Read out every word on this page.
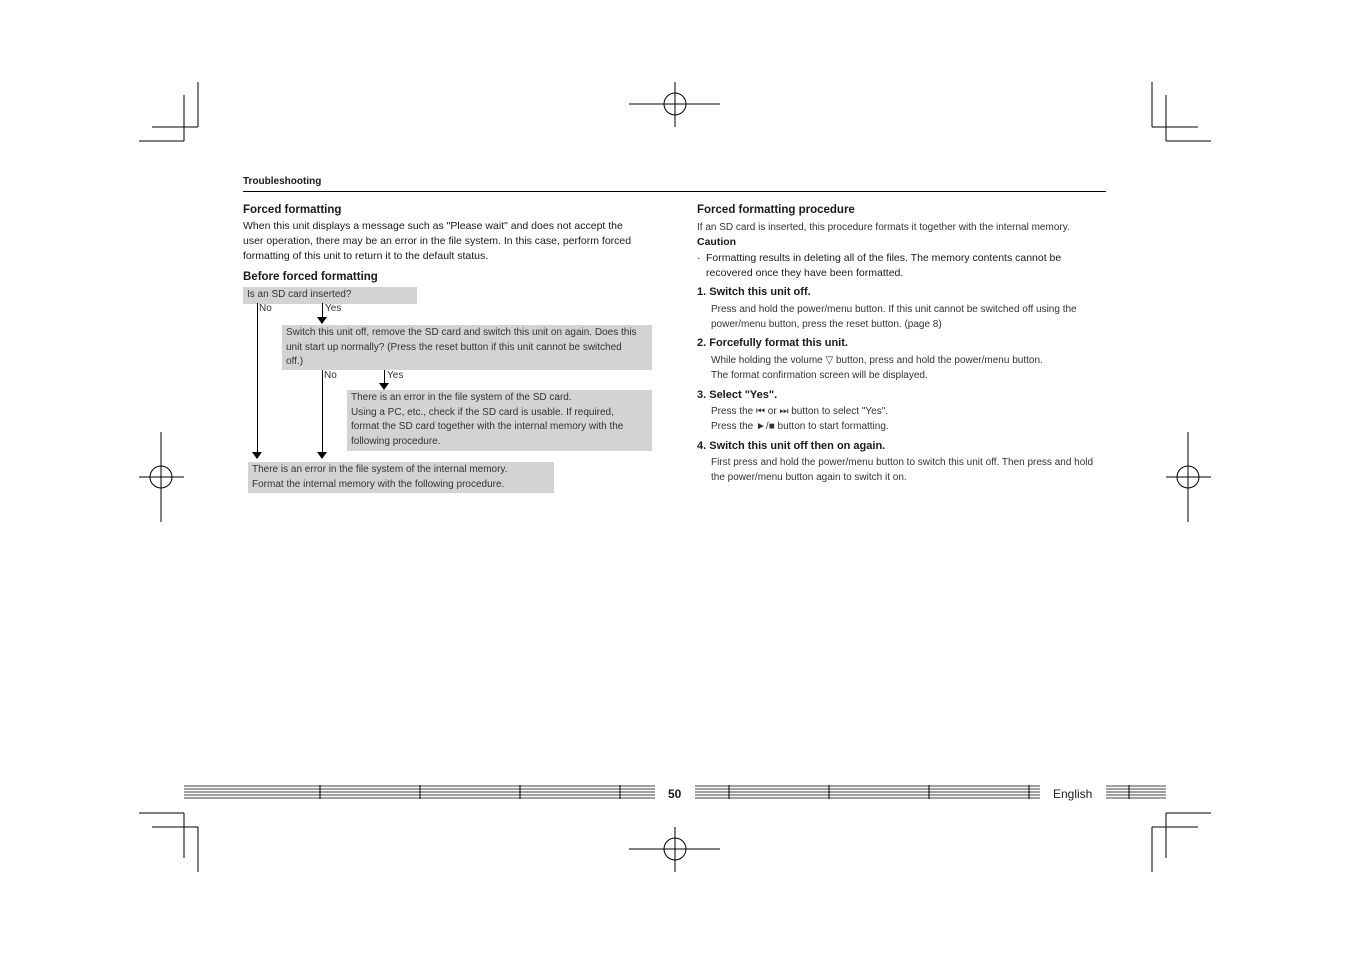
Troubleshooting
Forced formatting
When this unit displays a message such as "Please wait" and does not accept the
user operation, there may be an error in the file system. In this case, perform forced
formatting of this unit to return it to the default status.
Before forced formatting
Is an SD card inserted?
No	Yes
Switch this unit off, remove the SD card and switch this unit on again. Does this
unit start up normally? (Press the reset button if this unit cannot be switched
off.)
No	Yes
There is an error in the file system of the SD card.
Using a PC, etc., check if the SD card is usable. If required,
format the SD card together with the internal memory with the
following procedure.
There is an error in the file system of the internal memory.
Format the internal memory with the following procedure.
Forced formatting procedure
If an SD card is inserted, this procedure formats it together with the internal memory.
Caution
· Formatting results in deleting all of the files. The memory contents cannot be
recovered once they have been formatted.
1. Switch this unit off.
Press and hold the power/menu button. If this unit cannot be switched off using the
power/menu button, press the reset button. (page 8)
2. Forcefully format this unit.
While holding the volume ▽ button, press and hold the power/menu button.
The format confirmation screen will be displayed.
3. Select "Yes".
Press the ⏮ or ⏭ button to select "Yes".
Press the ►/■ button to start formatting.
4. Switch this unit off then on again.
First press and hold the power/menu button to switch this unit off. Then press and hold
the power/menu button again to switch it on.
50	English
